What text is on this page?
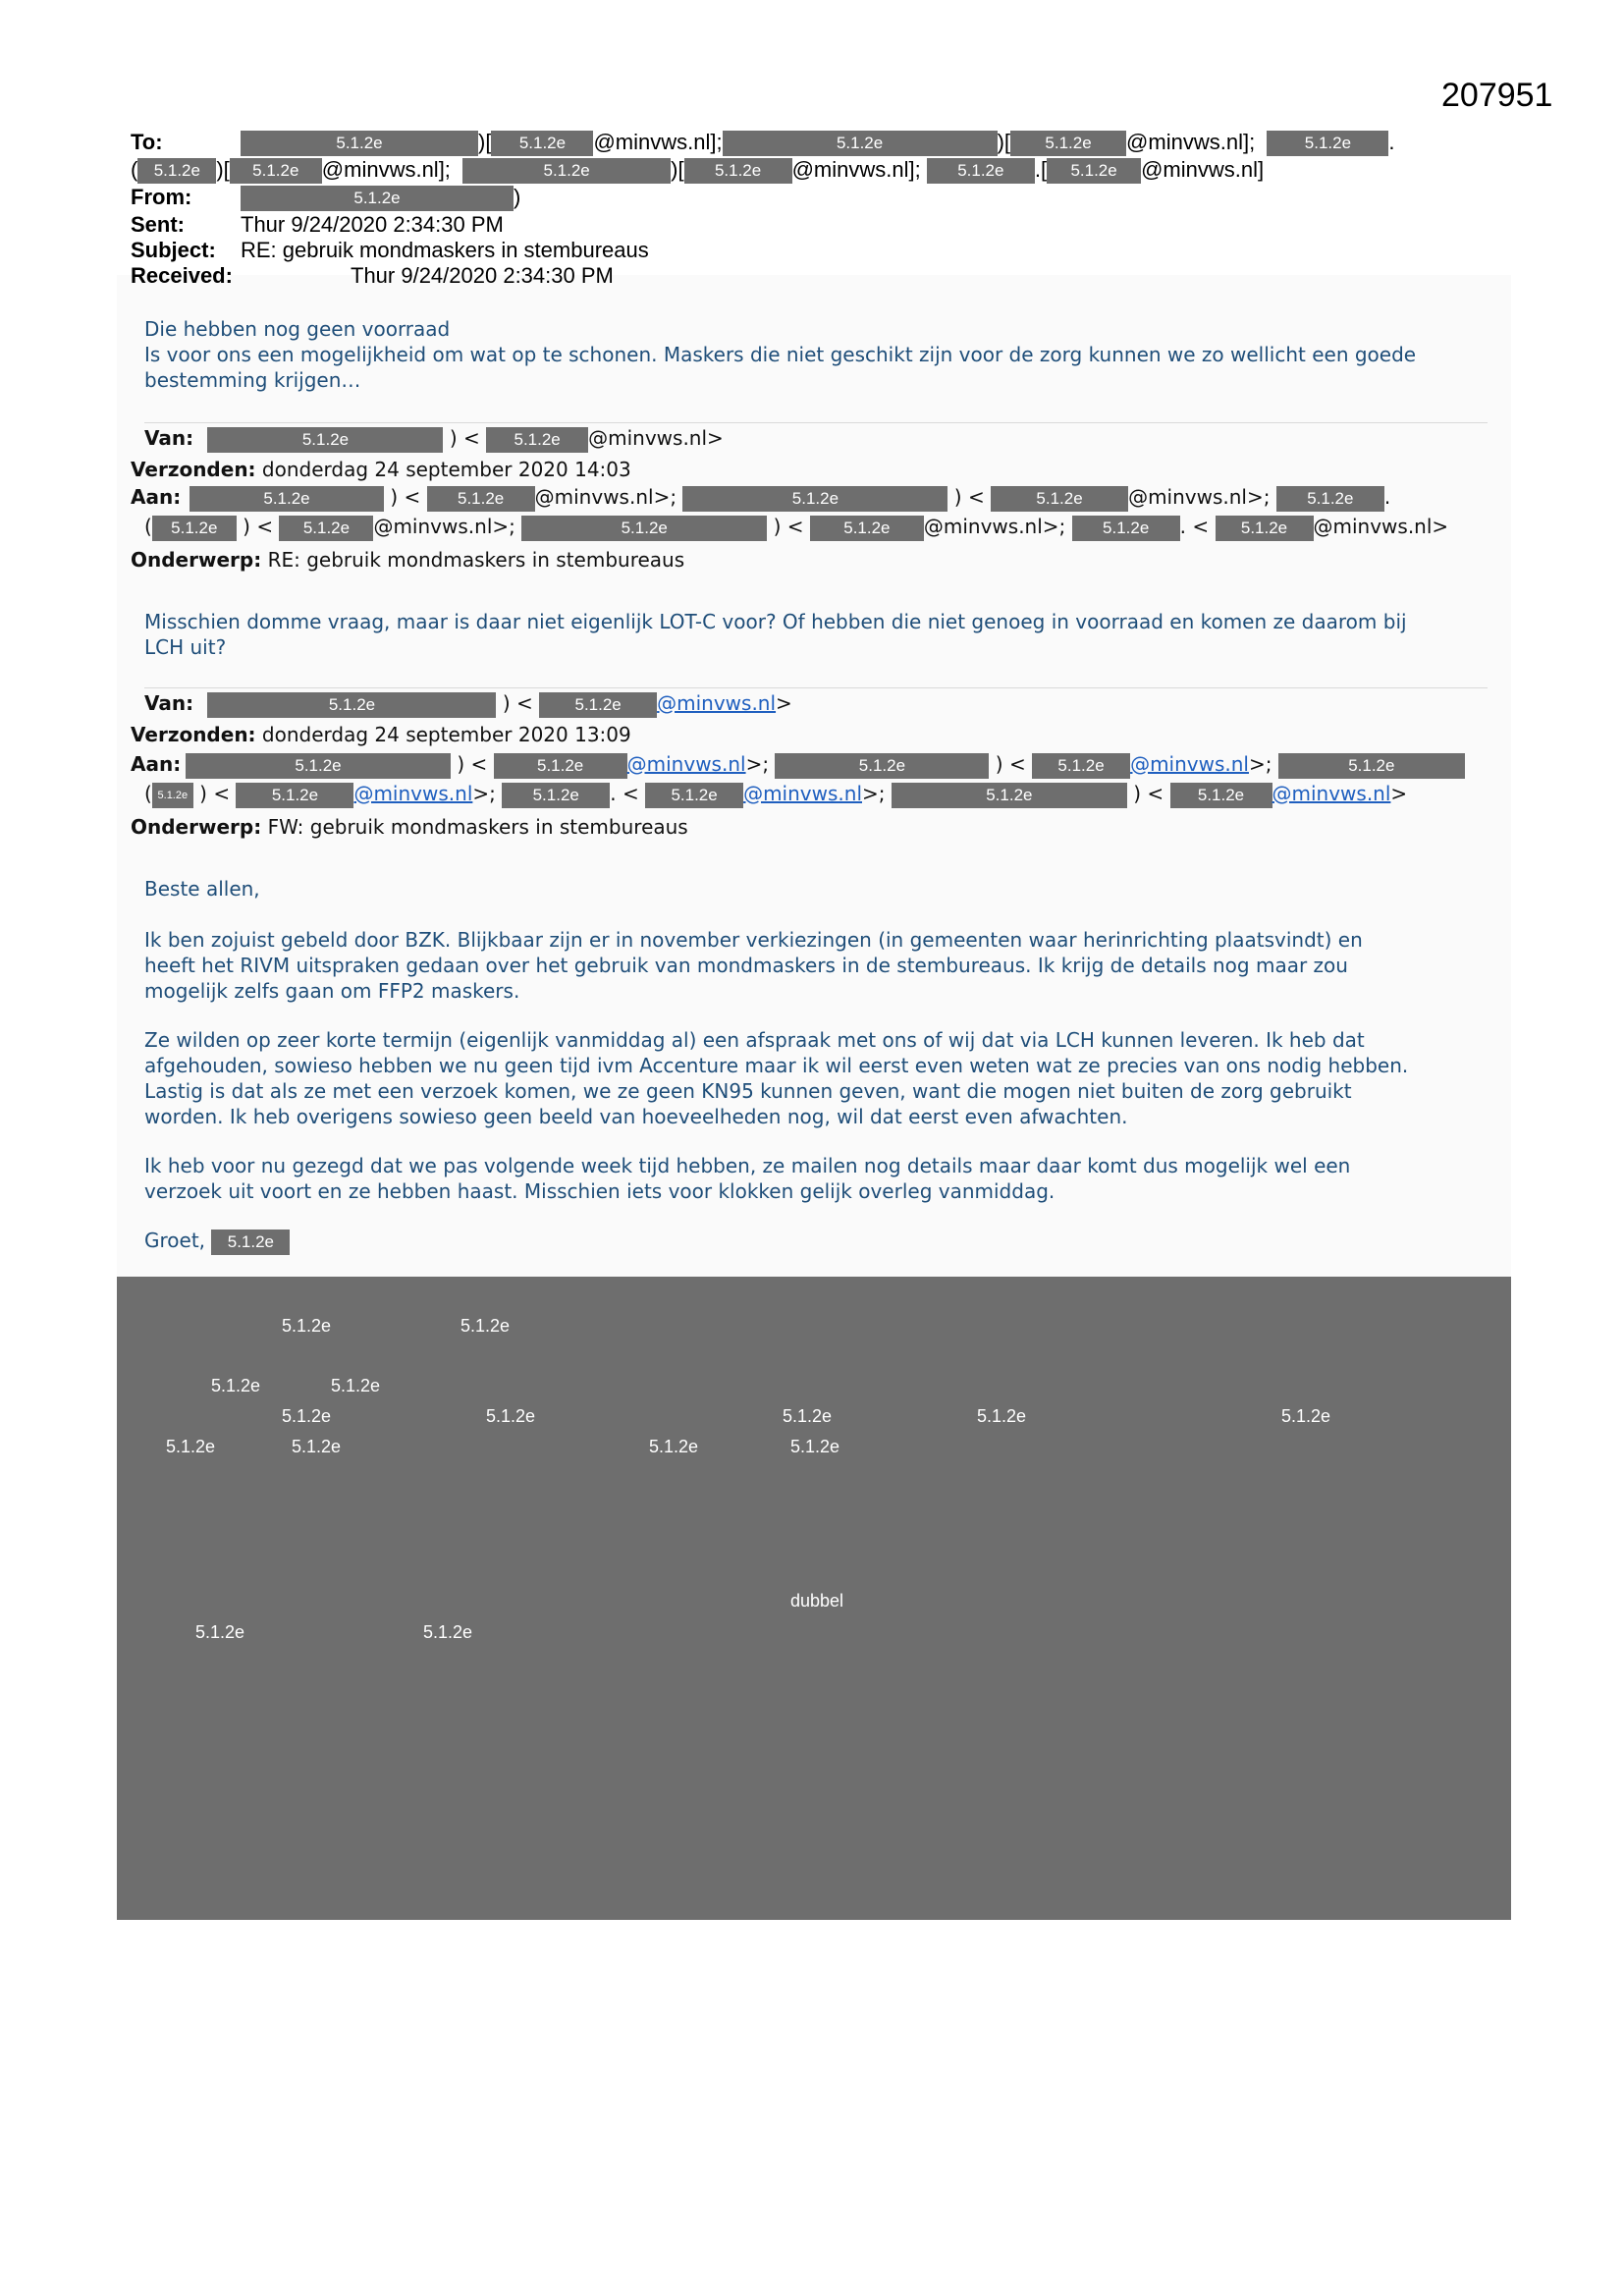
207951
To:	5.1.2e	)[ 5.1.2e @minvws.nl];	5.1.2e	)[ 5.1.2e @minvws.nl];  5.1.2e .
( 5.1.2e )[ 5.1.2e @minvws.nl];	5.1.2e	)[ 5.1.2e @minvws.nl]; 5.1.2e .[ 5.1.2e @minvws.nl]
From:	5.1.2e	)
Sent:	Thur 9/24/2020 2:34:30 PM
Subject: RE: gebruik mondmaskers in stembureaus
Received:	Thur 9/24/2020 2:34:30 PM

Die hebben nog geen voorraad

Is voor ons een mogelijkheid om wat op te schonen. Maskers die niet geschikt zijn voor de zorg kunnen we zo wellicht een goede

bestemming krijgen…

Van:	5.1.2e	) < 5.1.2e @minvws.nl>
Verzonden: donderdag 24 september 2020 14:03
Aan:	5.1.2e	) < 5.1.2e @minvws.nl>;	5.1.2e	) <	5.1.2e @minvws.nl>; 5.1.2e .
( 5.1.2e ) < 5.1.2e @minvws.nl>;	5.1.2e	) < 5.1.2e @minvws.nl>; 5.1.2e . < 5.1.2e @minvws.nl>
Onderwerp: RE: gebruik mondmaskers in stembureaus

Misschien domme vraag, maar is daar niet eigenlijk LOT-C voor? Of hebben die niet genoeg in voorraad en komen ze daarom bij

LCH uit?

Van:	5.1.2e	) < 5.1.2e @minvws.nl>
Verzonden: donderdag 24 september 2020 13:09
Aan:	5.1.2e	) <	5.1.2e @minvws.nl>;	5.1.2e	) < 5.1.2e @minvws.nl>;	5.1.2e
( 5.1.2e ) < 5.1.2e @minvws.nl>; 5.1.2e . < 5.1.2e @minvws.nl>;	5.1.2e	) < 5.1.2e @minvws.nl>
Onderwerp: FW: gebruik mondmaskers in stembureaus

Beste allen,

Ik ben zojuist gebeld door BZK. Blijkbaar zijn er in november verkiezingen (in gemeenten waar herinrichting plaatsvindt) en

heeft het RIVM uitspraken gedaan over het gebruik van mondmaskers in de stembureaus. Ik krijg de details nog maar zou

mogelijk zelfs gaan om FFP2 maskers.

Ze wilden op zeer korte termijn (eigenlijk vanmiddag al) een afspraak met ons of wij dat via LCH kunnen leveren. Ik heb dat

afgehouden, sowieso hebben we nu geen tijd ivm Accenture maar ik wil eerst even weten wat ze precies van ons nodig hebben.

Lastig is dat als ze met een verzoek komen, we ze geen KN95 kunnen geven, want die mogen niet buiten de zorg gebruikt

worden. Ik heb overigens sowieso geen beeld van hoeveelheden nog, wil dat eerst even afwachten.

Ik heb voor nu gezegd dat we pas volgende week tijd hebben, ze mailen nog details maar daar komt dus mogelijk wel een

verzoek uit voort en ze hebben haast. Misschien iets voor klokken gelijk overleg vanmiddag.

Groet, 5.1.2e

5.1.2e	5.1.2e
5.1.2e	5.1.2e
5.1.2e	5.1.2e	5.1.2e	5.1.2e	5.1.2e
5.1.2e	5.1.2e	5.1.2e	5.1.2e
dubbel
5.1.2e	5.1.2e
